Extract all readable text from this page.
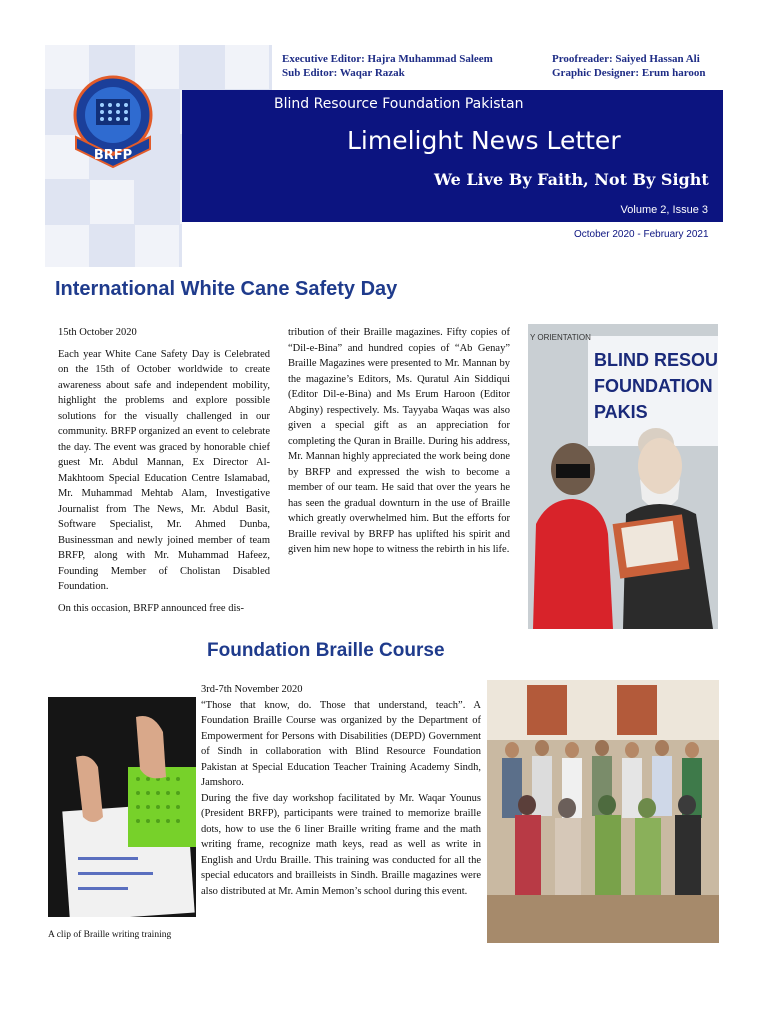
BRFP
Executive Editor: Hajra Muhammad Saleem
Sub Editor: Waqar Razak
Proofreader: Saiyed Hassan Ali
Graphic Designer: Erum haroon
Blind Resource Foundation Pakistan
Limelight News Letter
We Live By Faith, Not By Sight
Volume 2, Issue 3
October 2020 - February 2021
International White Cane Safety Day

15th October 2020

Each year White Cane Safety Day is Celebrated on the 15th of October worldwide to create awareness about safe and independent mobility, highlight the problems and explore possible solutions for the visually challenged in our community. BRFP organized an event to celebrate the day. The event was graced by honorable chief guest Mr. Abdul Mannan, Ex Director Al-Makhtoom Special Education Centre Islamabad, Mr. Muhammad Mehtab Alam, Investigative Journalist from The News, Mr. Abdul Basit, Software Specialist, Mr. Ahmed Dunba, Businessman and newly joined member of team BRFP, along with Mr. Muhammad Hafeez, Founding Member of Cholistan Disabled Foundation.

On this occasion, BRFP announced free dis-

tribution of their Braille magazines. Fifty copies of “Dil-e-Bina” and hundred copies of “Ab Genay” Braille Magazines were presented to Mr. Mannan by the magazine’s Editors, Ms. Quratul Ain Siddiqui (Editor Dil-e-Bina) and Ms Erum Haroon (Editor Abginy) respectively. Ms. Tayyaba Waqas was also given a special gift as an appreciation for completing the Quran in Braille. During his address, Mr. Mannan highly appreciated the work being done by BRFP and expressed the wish to become a member of our team. He said that over the years he has seen the gradual downturn in the use of Braille which greatly overwhelmed him. But the efforts for Braille revival by BRFP has uplifted his spirit and given him new hope to witness the rebirth in his life.

BLIND RESOU
FOUNDATION
PAKIS
Y ORIENTATION
Foundation Braille Course
A clip of Braille writing training

3rd-7th November 2020

“Those that know, do. Those that understand, teach”. A Foundation Braille Course was organized by the Department of Empowerment for Persons with Disabilities (DEPD) Government of Sindh in collaboration with Blind Resource Foundation Pakistan at Special Education Teacher Training Academy Sindh, Jamshoro.

During the five day workshop facilitated by Mr. Waqar Younus (President BRFP), participants were trained to memorize braille dots, how to use the 6 liner Braille writing frame and the math writing frame, recognize math keys, read as well as write in English and Urdu Braille. This training was conducted for all the special educators and brailleists in Sindh. Braille magazines were also distributed at Mr. Amin Memon’s school during this event.
